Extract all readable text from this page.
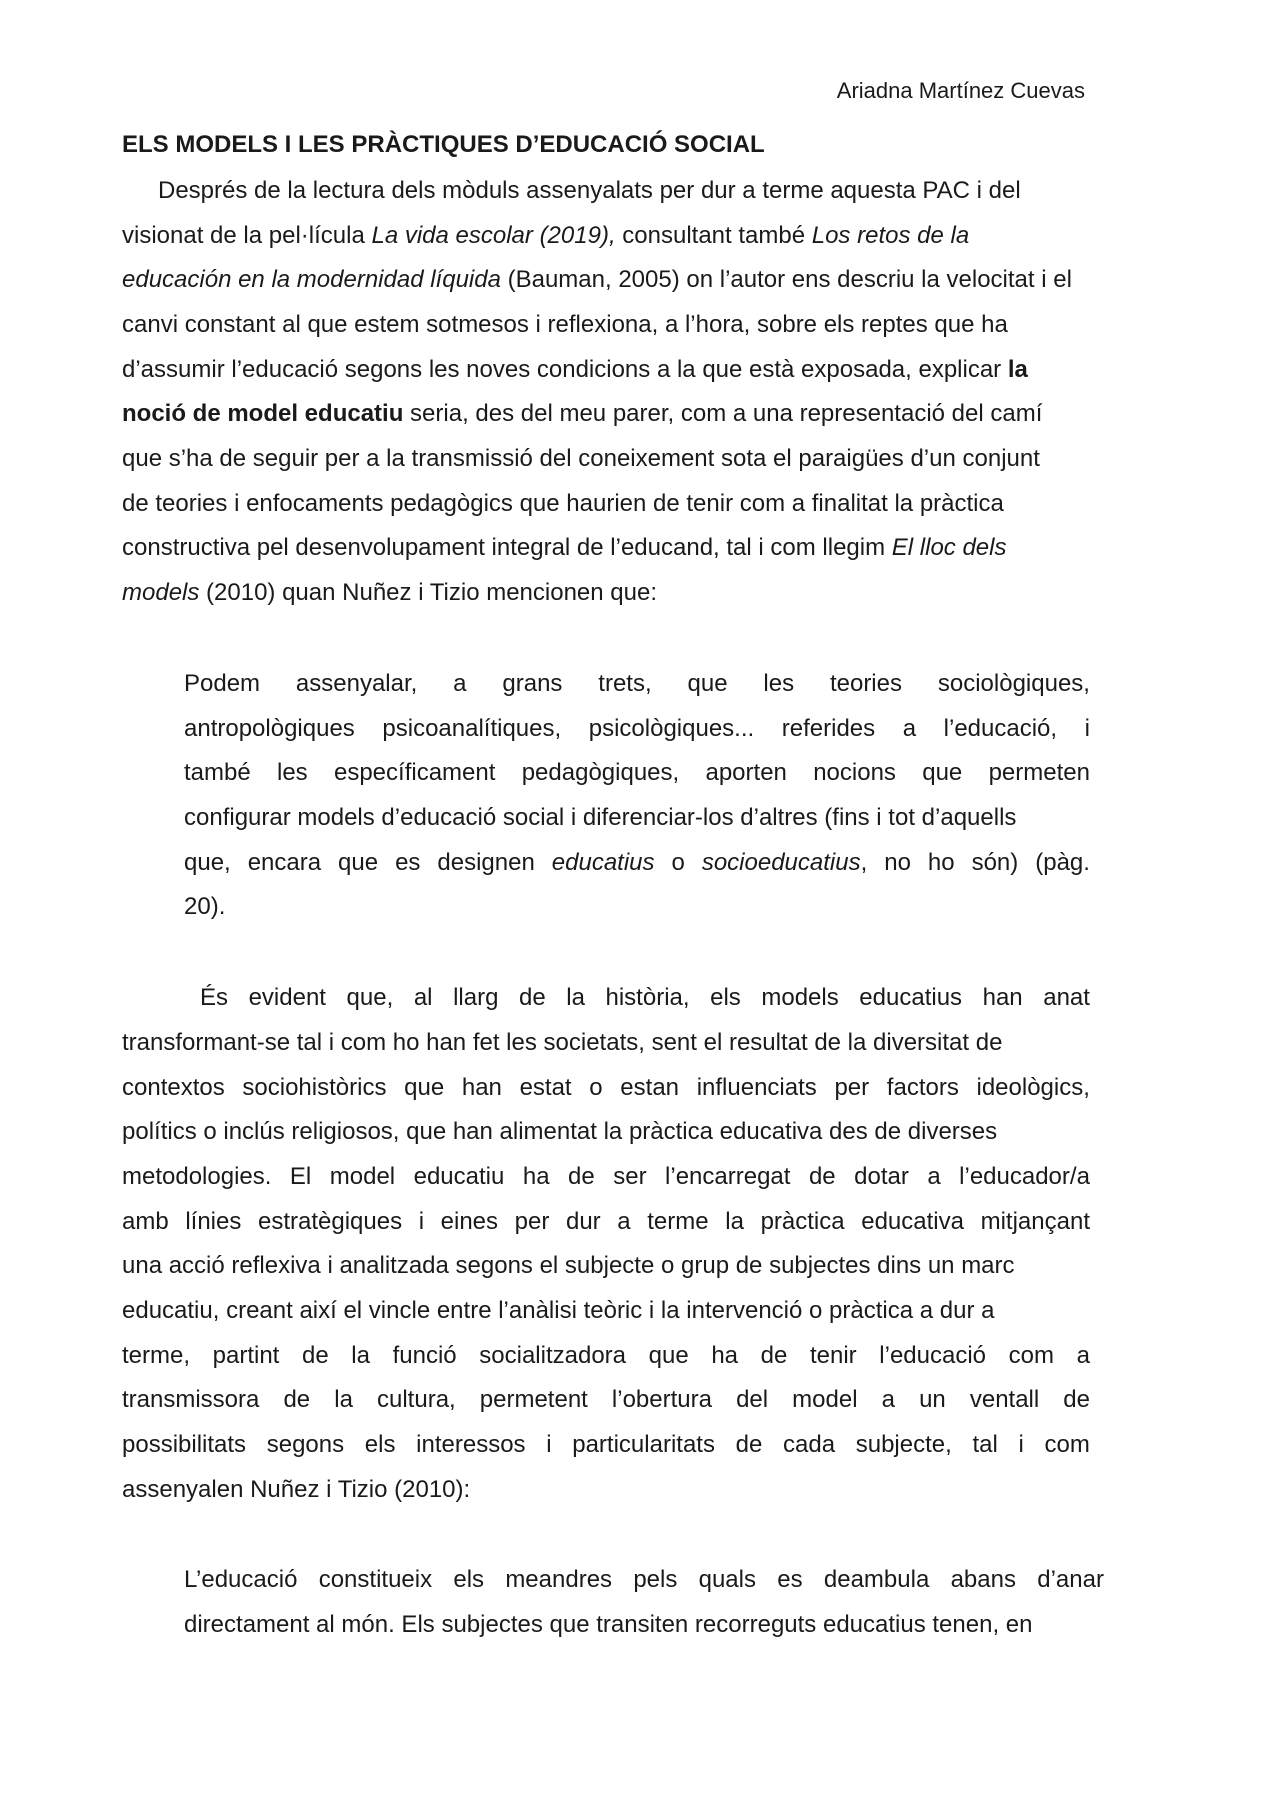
Ariadna Martínez Cuevas
ELS MODELS I LES PRÀCTIQUES D’EDUCACIÓ SOCIAL
Després de la lectura dels mòduls assenyalats per dur a terme aquesta PAC i del
visionat de la pel·lícula La vida escolar (2019), consultant també Los retos de la
educación en la modernidad líquida (Bauman, 2005) on l’autor ens descriu la velocitat i el
canvi constant al que estem sotmesos i reflexiona, a l’hora, sobre els reptes que ha
d’assumir l’educació segons les noves condicions a la que està exposada, explicar la
noció de model educatiu seria, des del meu parer, com a una representació del camí
que s’ha de seguir per a la transmissió del coneixement sota el paraigües d’un conjunt
de teories i enfocaments pedagògics que haurien de tenir com a finalitat la pràctica
constructiva pel desenvolupament integral de l’educand, tal i com llegim El lloc dels
models (2010) quan Nuñez i Tizio mencionen que:
Podem assenyalar, a grans trets, que les teories sociològiques,
antropològiques psicoanalítiques, psicològiques... referides a l’educació, i
també les específicament pedagògiques, aporten nocions que permeten
configurar models d’educació social i diferenciar-los d’altres (fins i tot d’aquells
que, encara que es designen educatius o socioeducatius, no ho són) (pàg.
20).
És evident que, al llarg de la història, els models educatius han anat
transformant-se tal i com ho han fet les societats, sent el resultat de la diversitat de
contextos sociohistòrics que han estat o estan influenciats per factors ideològics,
polítics o inclús religiosos, que han alimentat la pràctica educativa des de diverses
metodologies. El model educatiu ha de ser l’encarregat de dotar a l’educador/a
amb línies estratègiques i eines per dur a terme la pràctica educativa mitjançant
una acció reflexiva i analitzada segons el subjecte o grup de subjectes dins un marc
educatiu, creant així el vincle entre l’anàlisi teòric i la intervenció o pràctica a dur a
terme, partint de la funció socialitzadora que ha de tenir l’educació com a
transmissora de la cultura, permetent l’obertura del model a un ventall de
possibilitats segons els interessos i particularitats de cada subjecte, tal i com
assenyalen Nuñez i Tizio (2010):
L’educació constitueix els meandres pels quals es deambula abans d’anar
directament al món. Els subjectes que transiten recorreguts educatius tenen, en
